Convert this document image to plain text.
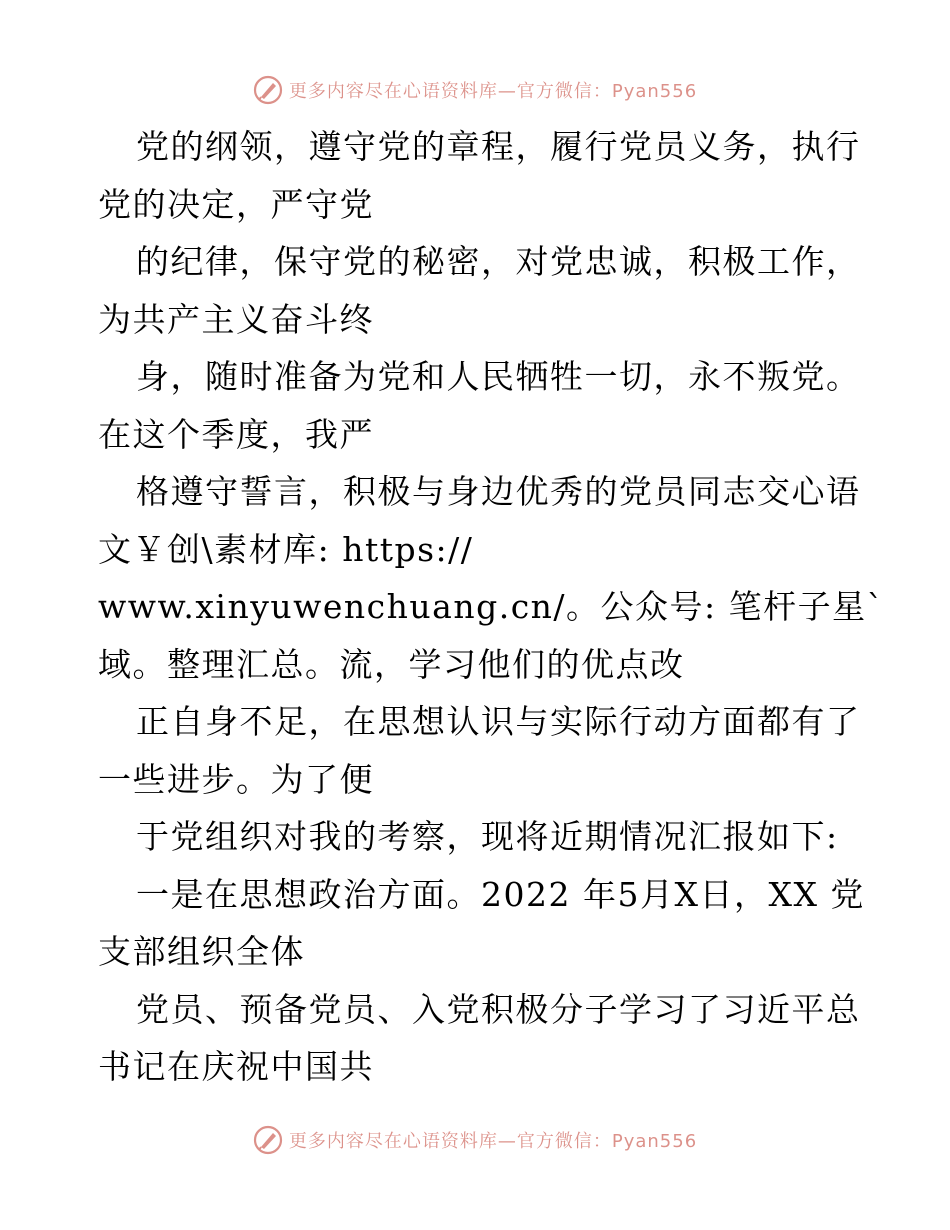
更多内容尽在心语资料库—官方微信：Pyan556
党的纲领，遵守党的章程，履行党员义务，执行
党的决定，严守党
的纪律，保守党的秘密，对党忠诚，积极工作，
为共产主义奋斗终
身，随时准备为党和人民牺牲一切，永不叛党。
在这个季度，我严
格遵守誓言，积极与身边优秀的党员同志交心语
文￥创\素材库: https://
www.xinyuwenchuang.cn/。公众号: 笔杆子星`
域。整理汇总。流，学习他们的优点改
正自身不足，在思想认识与实际行动方面都有了
一些进步。为了便
于党组织对我的考察，现将近期情况汇报如下:
一是在思想政治方面。2022 年5月X日，XX 党
支部组织全体
党员、预备党员、入党积极分子学习了习近平总
书记在庆祝中国共
更多内容尽在心语资料库—官方微信：Pyan556
